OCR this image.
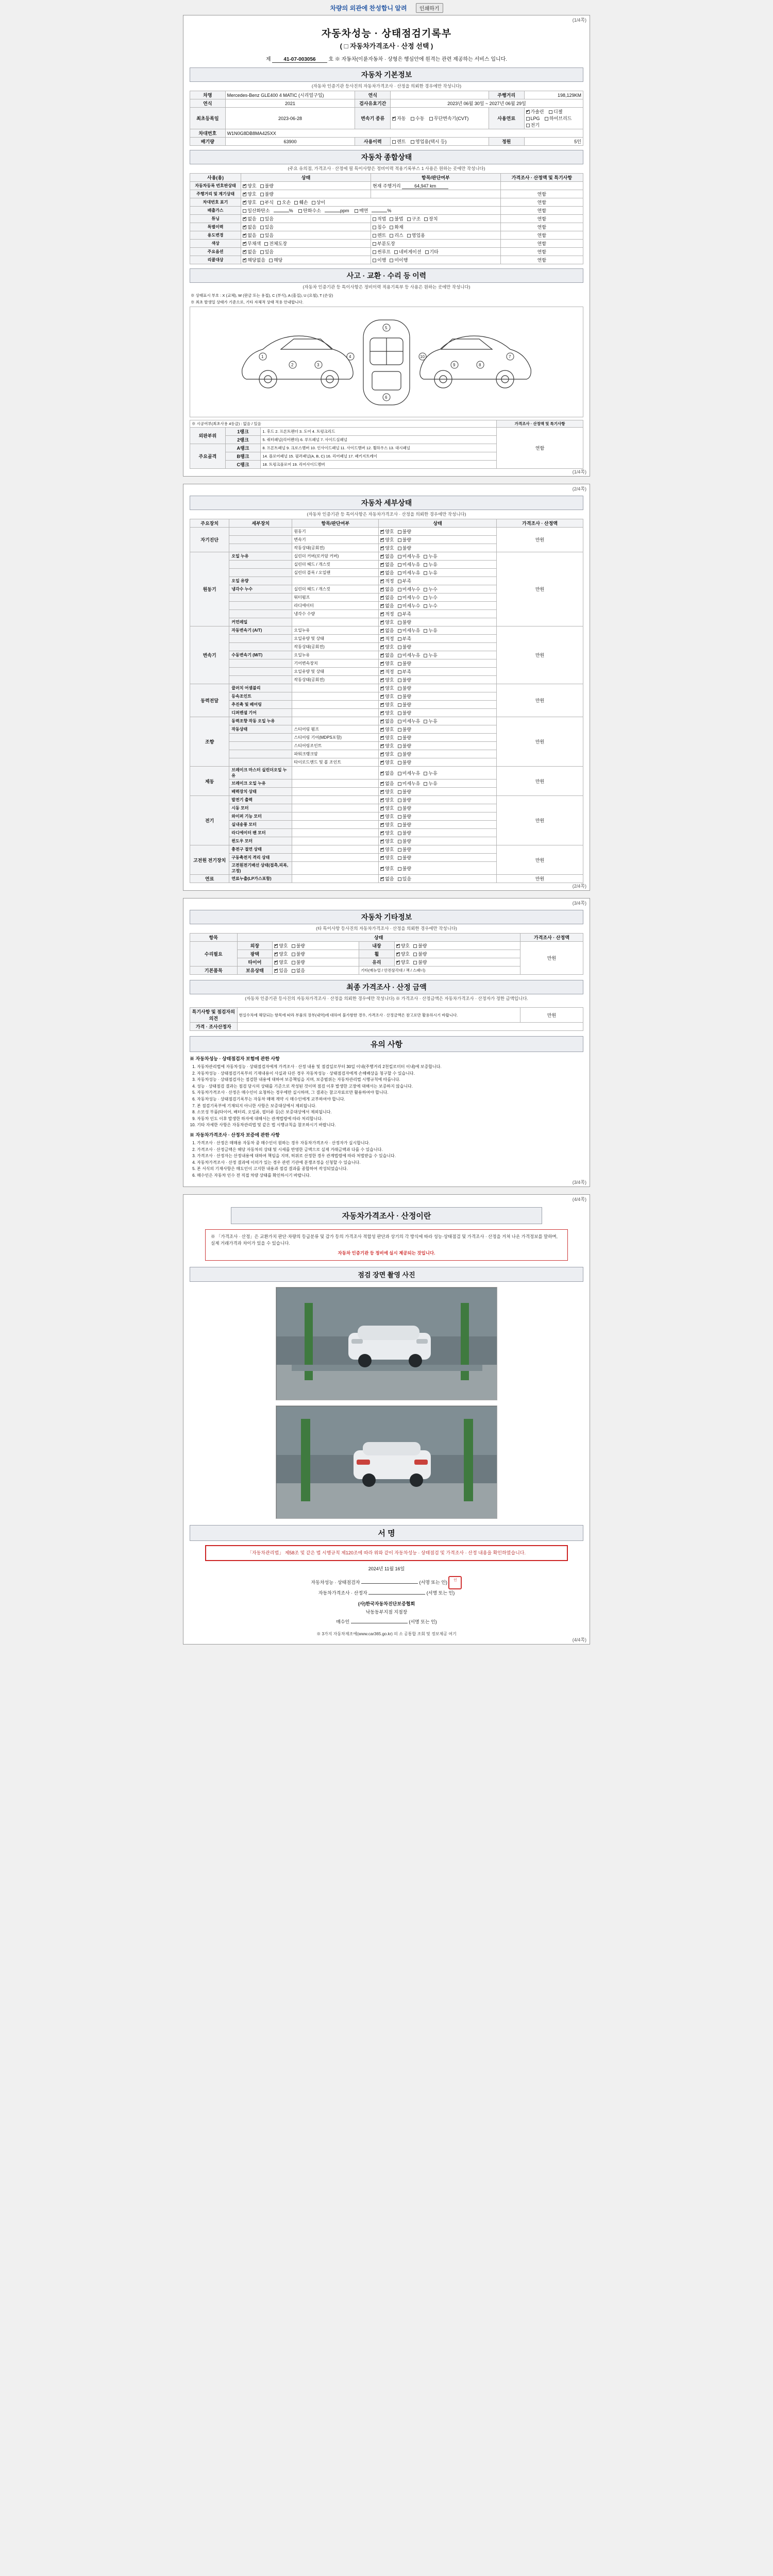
차량의 외관에 찬성합니 알려 인쇄하기
(1/4쪽)
자동차성능 · 상태점검기록부
( □ 자동차가격조사 · 산정 선택 )
제 41-07-003056 호 ※ 자동차(이륜자동차 · 상형은 행심안에 원격는 관련 제공하는 서비스 입니다.
자동차 기본정보
(자동차 인증기관 등사진의 자동차가격조사 · 산정을 의뢰한 경우에만 작성니다)
차명	Mercedes-Benz GLE400 4 MATIC (시리얼구입)	연식		주행거리	198,129KM
연식	2021	검사유효기간	2023년 06월 30일 ~ 2027년 06월 29일		
최초등록일	2023-06-28	변속기 종류	✔자동 수동 무단변속기(CVT)	사용연료	✔가솔린 디젤 LPG 하이브리드 전기
차대번호	W1N0G8DB8MA425XX				
배기량	63900	사용이력	렌트 영업용(택시 등)	정원	5인
자동차 종합상태
(주요 유의점, 가격조사 · 산정에 필 특이사항은 정비이력 적용기록부스 1 사용은 원하는 곳에만 작성니다)
사용(용)	상태	항목/판단여부	가격조사 · 산정액 및 특기사항
자동차등록 번호판상태	✔양호 불량	현재 주행거리 64,947 km	
주행거리 및 계기상태	✔양호 불량		연함
차대번호 표기	✔양호 부식 오손 훼손 상이		연함
배출가스	일산화탄소 % 탄화수소 ppm 매연 %		연함
튜닝	✔없음 있음	적법 불법 구조 장치	연함
특별이력	✔없음 있음	침수 화재	연함
용도변경	✔없음 있음	렌트 리스 영업용	연함
색상	✔무채색 전체도장	부분도장	연함
주요옵션	✔없음 있음	썬루프 네비게이션 기타	연함
리콜대상	✔해당없음 해당	이행 미이행	연함
사고 · 교환 · 수리 등 이력
(자동차 인증기관 등 특이사항은 정비이력 적용기록부 등 사용은 원하는 곳에만 작성니다)
※ 상태표시 부호 : X (교체), W (판금 또는 용접), C (부식), A (흠집), U (요철), T (손상)
※ 최초 발생일 상태가 기준으로, 기타 자체적 상태 적용 안내합니다.
1
2	3
4
5
6
7
8
9
10
※ 시공여부(최초사용 4등급) : 없음 / 있음			가격조사 · 산정액 및 특기사항
외판부위	1랭크	1. 후드 2. 프론트펜더 3. 도어 4. 트렁크리드	연함
	2랭크	5. 쿼터패널(리어펜더) 6. 루프패널 7. 사이드실패널	
주요골격	A랭크	8. 프론트패널 9. 크로스멤버 10. 인사이드패널 11. 사이드멤버 12. 휠하우스 13. 대시패널	
	B랭크	14. 플로어패널 15. 필러패널(A, B, C) 16. 리어패널 17. 패키지트레이	
	C랭크	18. 트렁크플로어 19. 리어사이드멤버	
(1/4쪽)
(2/4쪽)
자동차 세부상태
(자동차 인증기관 등 특이사항은 자동차가격조사 · 산정을 의뢰한 경우에만 작성니다)
주요장치	세부장치	항목/판단여부	상태	가격조사 · 산정액
자기진단		원동기	✔양호 불량	만원
		변속기	✔양호 불량
		작동상태(공회전)	✔양호 불량
원동기	오일 누유	실린더 커버(로커암 커버)	✔없음 미세누유 누유	만원
		실린더 헤드 / 개스킷	✔없음 미세누유 누유
		실린더 블록 / 오일팬	✔없음 미세누유 누유
	오일 유량		✔적정 부족
	냉각수 누수	실린더 헤드 / 개스킷	✔없음 미세누수 누수
		워터펌프	✔없음 미세누수 누수
		라디에이터	✔없음 미세누수 누수
		냉각수 수량	✔적정 부족
	커먼레일		✔양호 불량
변속기	자동변속기 (A/T)	오일누유	✔없음 미세누유 누유	만원
		오일유량 및 상태	✔적정 부족
		작동상태(공회전)	✔양호 불량
	수동변속기 (M/T)	오일누유	✔없음 미세누유 누유
		기어변속장치	✔양호 불량
		오일유량 및 상태	✔적정 부족
		작동상태(공회전)	✔양호 불량
동력전달	클러치 어셈블리		✔양호 불량	만원
	등속조인트		✔양호 불량
	추진축 및 베어링		✔양호 불량
	디퍼렌셜 기어		✔양호 불량
조향	동력조향 작동 오일 누유		✔없음 미세누유 누유	만원
	작동상태	스티어링 펌프	✔양호 불량
		스티어링 기어(MDPS포함)	✔양호 불량
		스티어링조인트	✔양호 불량
		파워크랭크암	✔양호 불량
		타이로드엔드 및 볼 조인트	✔양호 불량
제동	브레이크 마스터 실린더오일 누유		✔없음 미세누유 누유	만원
	브레이크 오일 누유		✔없음 미세누유 누유
	배력장치 상태		✔양호 불량
전기	발전기 출력		✔양호 불량	만원
	시동 모터		✔양호 불량
	와이퍼 기능 모터		✔양호 불량
	실내송풍 모터		✔양호 불량
	라디에이터 팬 모터		✔양호 불량
	윈도우 모터		✔양호 불량
고전원 전기장치	충전구 절연 상태		✔양호 불량	만원
	구동축전지 격리 상태		✔양호 불량
	고전원전기배선 상태(접촉,피복,고정)		✔양호 불량
연료	연료누출(LP가스포함)		✔없음 있음	만원
(2/4쪽)
(3/4쪽)
자동차 기타정보
(타 특이사항 등사진의 자동차가격조사 · 산정을 의뢰한 경우에만 작성니다)
항목	상태				가격조사 · 산정액
수리필요	외장	✔양호 불량	내장	✔양호 불량	만원
	광택	✔양호 불량	휠	✔양호 불량
	타이어	✔양호 불량	유리	✔양호 불량
기본품목	보유상태	✔있음 없음	기타(매뉴얼 / 안전삼각대 / 잭 / 스패너)		
최종 가격조사 · 산정 금액
(자동차 인증기관 등사진의 자동차가격조사 · 산정을 의뢰한 경우에만 작성니다) ※ 가격조사 · 산정금액은 자동차가격조사 · 산정자가 정한 금액입니다.
특기사항 및 점검자의 의견	현실수차에 해당되는 항목에 따라 부품의 장부(내역)에 대하여 불가함한 경우, 가격조사 · 산정금액은 참고로만 활용하시기 바랍니다.	만원
가격 · 조사산정자		
유의 사항
※ 자동차성능 · 상태점검자 보험에 관한 사항
1. 자동차관리법에 자동차성능 · 상태점검자에게 가격조사 · 산정 내용 및 점검일로부터 30일 이내(주행거리 2천킬로미터 이내)에 보증합니다.
2. 자동차성능 · 상태점검기록부의 기재내용이 사실과 다른 경우 자동차성능 · 상태점검자에게 손해배상을 청구할 수 있습니다.
3. 자동차성능 · 상태점검자는 점검한 내용에 대하여 보증책임을 지며, 보증범위는 자동차관리법 시행규칙에 따릅니다.
4. 성능 · 상태점검 결과는 점검 당시의 상태를 기준으로 작성된 것이며 점검 이후 발생한 고장에 대해서는 보증하지 않습니다.
5. 자동차가격조사 · 산정은 매수인이 요청하는 경우에만 실시하며, 그 결과는 참고자료로만 활용하여야 합니다.
6. 자동차성능 · 상태점검기록부는 자동차 매매 계약 시 매수인에게 교부하여야 합니다.
7. 본 점검기록부에 기재되지 아니한 사항은 보증대상에서 제외됩니다.
8. 소모성 부품(타이어, 배터리, 오일류, 필터류 등)은 보증대상에서 제외됩니다.
9. 자동차 인도 이후 발생한 하자에 대해서는 관계법령에 따라 처리합니다.
10. 기타 자세한 사항은 자동차관리법 및 같은 법 시행규칙을 참조하시기 바랍니다.
※ 자동차가격조사 · 산정자 보증에 관한 사항
1. 가격조사 · 산정은 매매용 자동차 중 매수인이 원하는 경우 자동차가격조사 · 산정자가 실시합니다.
2. 가격조사 · 산정금액은 해당 자동차의 상태 및 시세를 반영한 금액으로 실제 거래금액과 다를 수 있습니다.
3. 가격조사 · 산정자는 산정내용에 대하여 책임을 지며, 허위로 산정한 경우 관계법령에 따라 처벌받을 수 있습니다.
4. 자동차가격조사 · 산정 결과에 이의가 있는 경우 관련 기관에 분쟁조정을 신청할 수 있습니다.
5. 본 서식의 기재사항은 매도인이 고지한 내용과 점검 결과를 종합하여 작성되었습니다.
6. 매수인은 자동차 인수 전 직접 차량 상태를 확인하시기 바랍니다.
(3/4쪽)
(4/4쪽)
자동차가격조사 · 산정이란
※ 「가격조사 · 산정」은 교환가치 판단·차량의 등급분류 및 감가 등의 가격조사 적합성 판단과 상기의 각 방식에 따라 성능·상태점검 및 가격조사 · 산정을 거쳐 나온 가격정보를 말하며, 실제 거래가격과 차이가 있을 수 있습니다.
자동차 인증기관 등 정비에 실시 제공되는 것입니다.
점검 장면 촬영 사진
서 명
「자동차관리법」 제58조 및 같은 법 시행규칙 제120조에 따라 위와 같이 자동차성능 · 상태점검 및 가격조사 · 산정 내용을 확인하였습니다.
2024년 11월 16일
자동차성능 · 상태점검자	(서명 또는 인) 인
자동차가격조사 · 산정자	(서명 또는 인)
(사)한국자동차진단보증협회
낙동동부지점 지점장
매수인	(서명 또는 인)
※ 3가지 자동차제조에(www.car365.go.kr) 의 소 공통합 조회 및 정보제공 여기
(4/4쪽)
